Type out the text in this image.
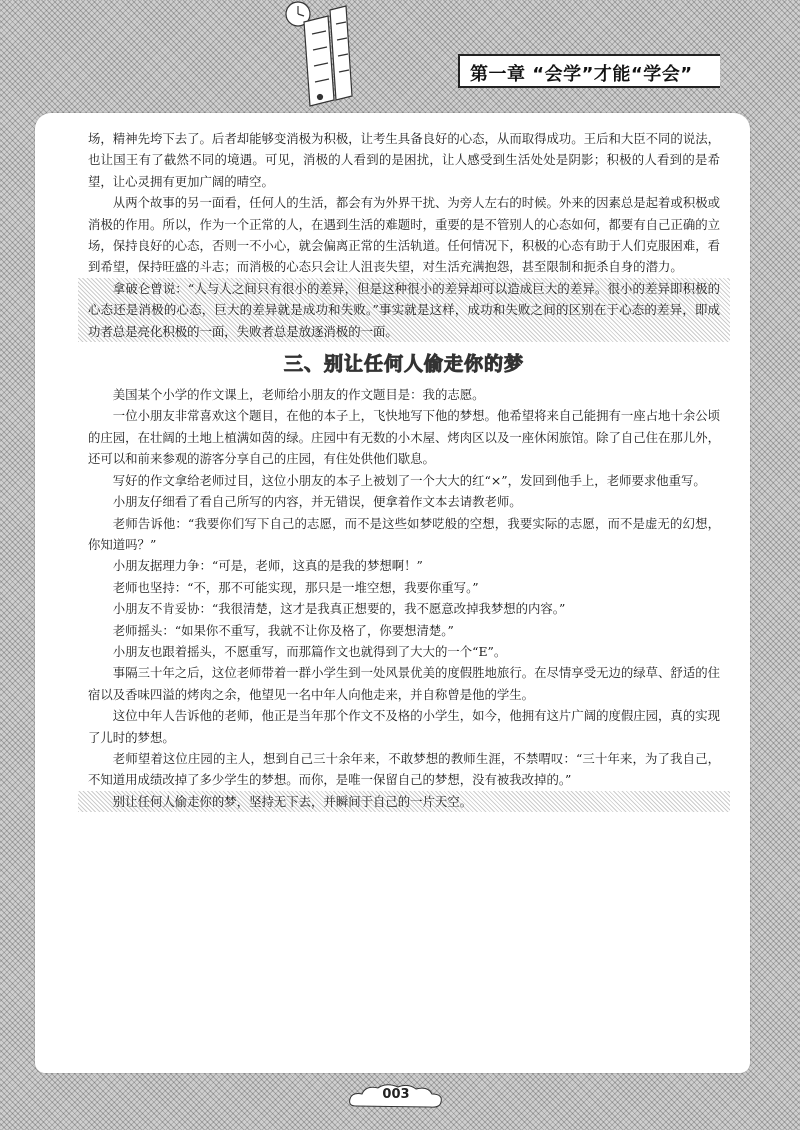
第一章 “会学”才能“学会”

场，精神先垮下去了。后者却能够变消极为积极，让考生具备良好的心态，从而取得成功。王后和大臣不同的说法，也让国王有了截然不同的境遇。可见，消极的人看到的是困扰，让人感受到生活处处是阴影；积极的人看到的是希望，让心灵拥有更加广阔的晴空。

从两个故事的另一面看，任何人的生活，都会有为外界干扰、为旁人左右的时候。外来的因素总是起着或积极或消极的作用。所以，作为一个正常的人，在遇到生活的难题时，重要的是不管别人的心态如何，都要有自己正确的立场，保持良好的心态，否则一不小心，就会偏离正常的生活轨道。任何情况下，积极的心态有助于人们克服困难，看到希望，保持旺盛的斗志；而消极的心态只会让人沮丧失望，对生活充满抱怨，甚至限制和扼杀自身的潜力。

拿破仑曾说：“人与人之间只有很小的差异，但是这种很小的差异却可以造成巨大的差异。很小的差异即积极的心态还是消极的心态，巨大的差异就是成功和失败。”事实就是这样，成功和失败之间的区别在于心态的差异，即成功者总是亮化积极的一面，失败者总是放逐消极的一面。

三、别让任何人偷走你的梦

美国某个小学的作文课上，老师给小朋友的作文题目是：我的志愿。

一位小朋友非常喜欢这个题目，在他的本子上，飞快地写下他的梦想。他希望将来自己能拥有一座占地十余公顷的庄园，在壮阔的土地上植满如茵的绿。庄园中有无数的小木屋、烤肉区以及一座休闲旅馆。除了自己住在那儿外，还可以和前来参观的游客分享自己的庄园，有住处供他们歇息。

写好的作文拿给老师过目，这位小朋友的本子上被划了一个大大的红“×”，发回到他手上，老师要求他重写。

小朋友仔细看了看自己所写的内容，并无错误，便拿着作文本去请教老师。

老师告诉他：“我要你们写下自己的志愿，而不是这些如梦呓般的空想，我要实际的志愿，而不是虚无的幻想，你知道吗？”

小朋友据理力争：“可是，老师，这真的是我的梦想啊！”

老师也坚持：“不，那不可能实现，那只是一堆空想，我要你重写。”

小朋友不肯妥协：“我很清楚，这才是我真正想要的，我不愿意改掉我梦想的内容。”

老师摇头：“如果你不重写，我就不让你及格了，你要想清楚。”

小朋友也跟着摇头，不愿重写，而那篇作文也就得到了大大的一个“E”。

事隔三十年之后，这位老师带着一群小学生到一处风景优美的度假胜地旅行。在尽情享受无边的绿草、舒适的住宿以及香味四溢的烤肉之余，他望见一名中年人向他走来，并自称曾是他的学生。

这位中年人告诉他的老师，他正是当年那个作文不及格的小学生，如今，他拥有这片广阔的度假庄园，真的实现了儿时的梦想。

老师望着这位庄园的主人，想到自己三十余年来，不敢梦想的教师生涯，不禁喟叹：“三十年来，为了我自己，不知道用成绩改掉了多少学生的梦想。而你，是唯一保留自己的梦想，没有被我改掉的。”

别让任何人偷走你的梦，坚持无下去，并瞬间于自己的一片天空。

003
